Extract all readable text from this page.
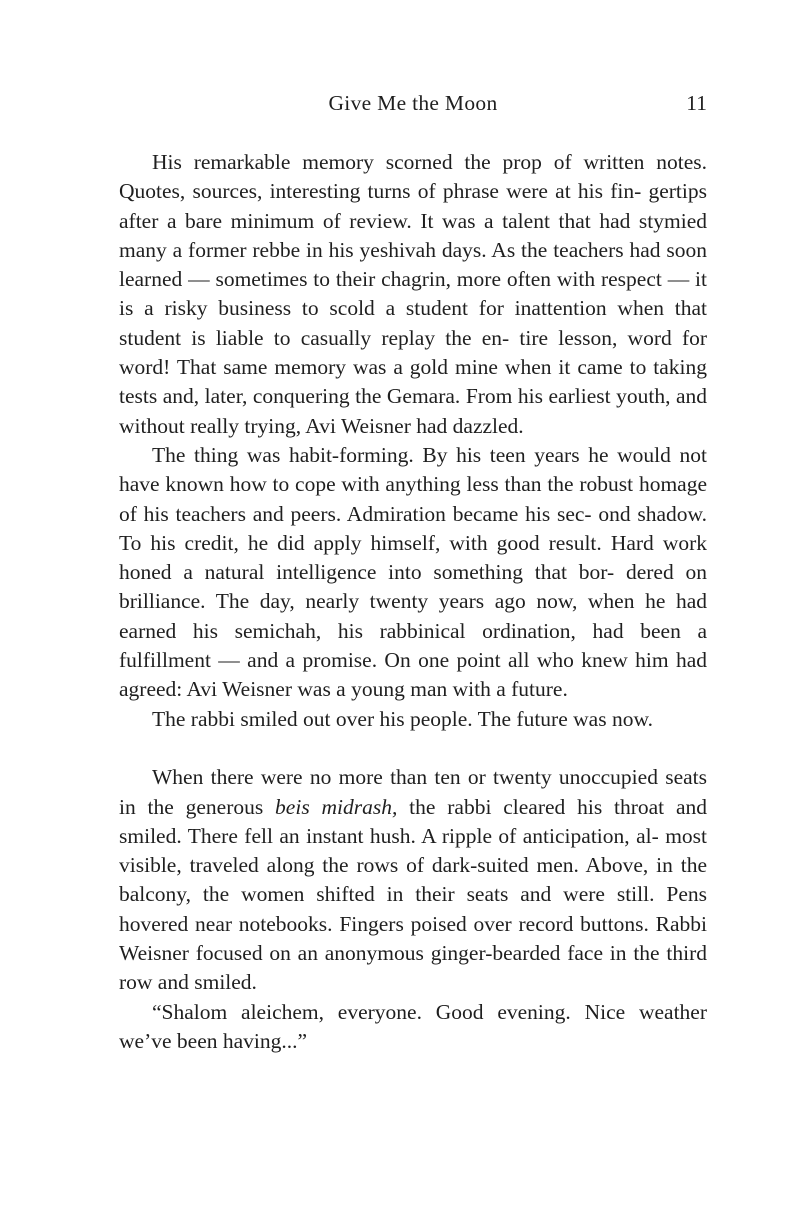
Give Me the Moon	11

His remarkable memory scorned the prop of written notes. Quotes, sources, interesting turns of phrase were at his fin- gertips after a bare minimum of review. It was a talent that had stymied many a former rebbe in his yeshivah days. As the teachers had soon learned — sometimes to their chagrin, more often with respect — it is a risky business to scold a student for inattention when that student is liable to casually replay the en- tire lesson, word for word! That same memory was a gold mine when it came to taking tests and, later, conquering the Gemara. From his earliest youth, and without really trying, Avi Weisner had dazzled.

The thing was habit-forming. By his teen years he would not have known how to cope with anything less than the robust homage of his teachers and peers. Admiration became his sec- ond shadow. To his credit, he did apply himself, with good result. Hard work honed a natural intelligence into something that bor- dered on brilliance. The day, nearly twenty years ago now, when he had earned his semichah, his rabbinical ordination, had been a fulfillment — and a promise. On one point all who knew him had agreed: Avi Weisner was a young man with a future.

The rabbi smiled out over his people. The future was now.

When there were no more than ten or twenty unoccupied seats in the generous beis midrash, the rabbi cleared his throat and smiled. There fell an instant hush. A ripple of anticipation, al- most visible, traveled along the rows of dark-suited men. Above, in the balcony, the women shifted in their seats and were still. Pens hovered near notebooks. Fingers poised over record buttons. Rabbi Weisner focused on an anonymous ginger-bearded face in the third row and smiled.

“Shalom aleichem, everyone. Good evening. Nice weather we’ve been having...”
